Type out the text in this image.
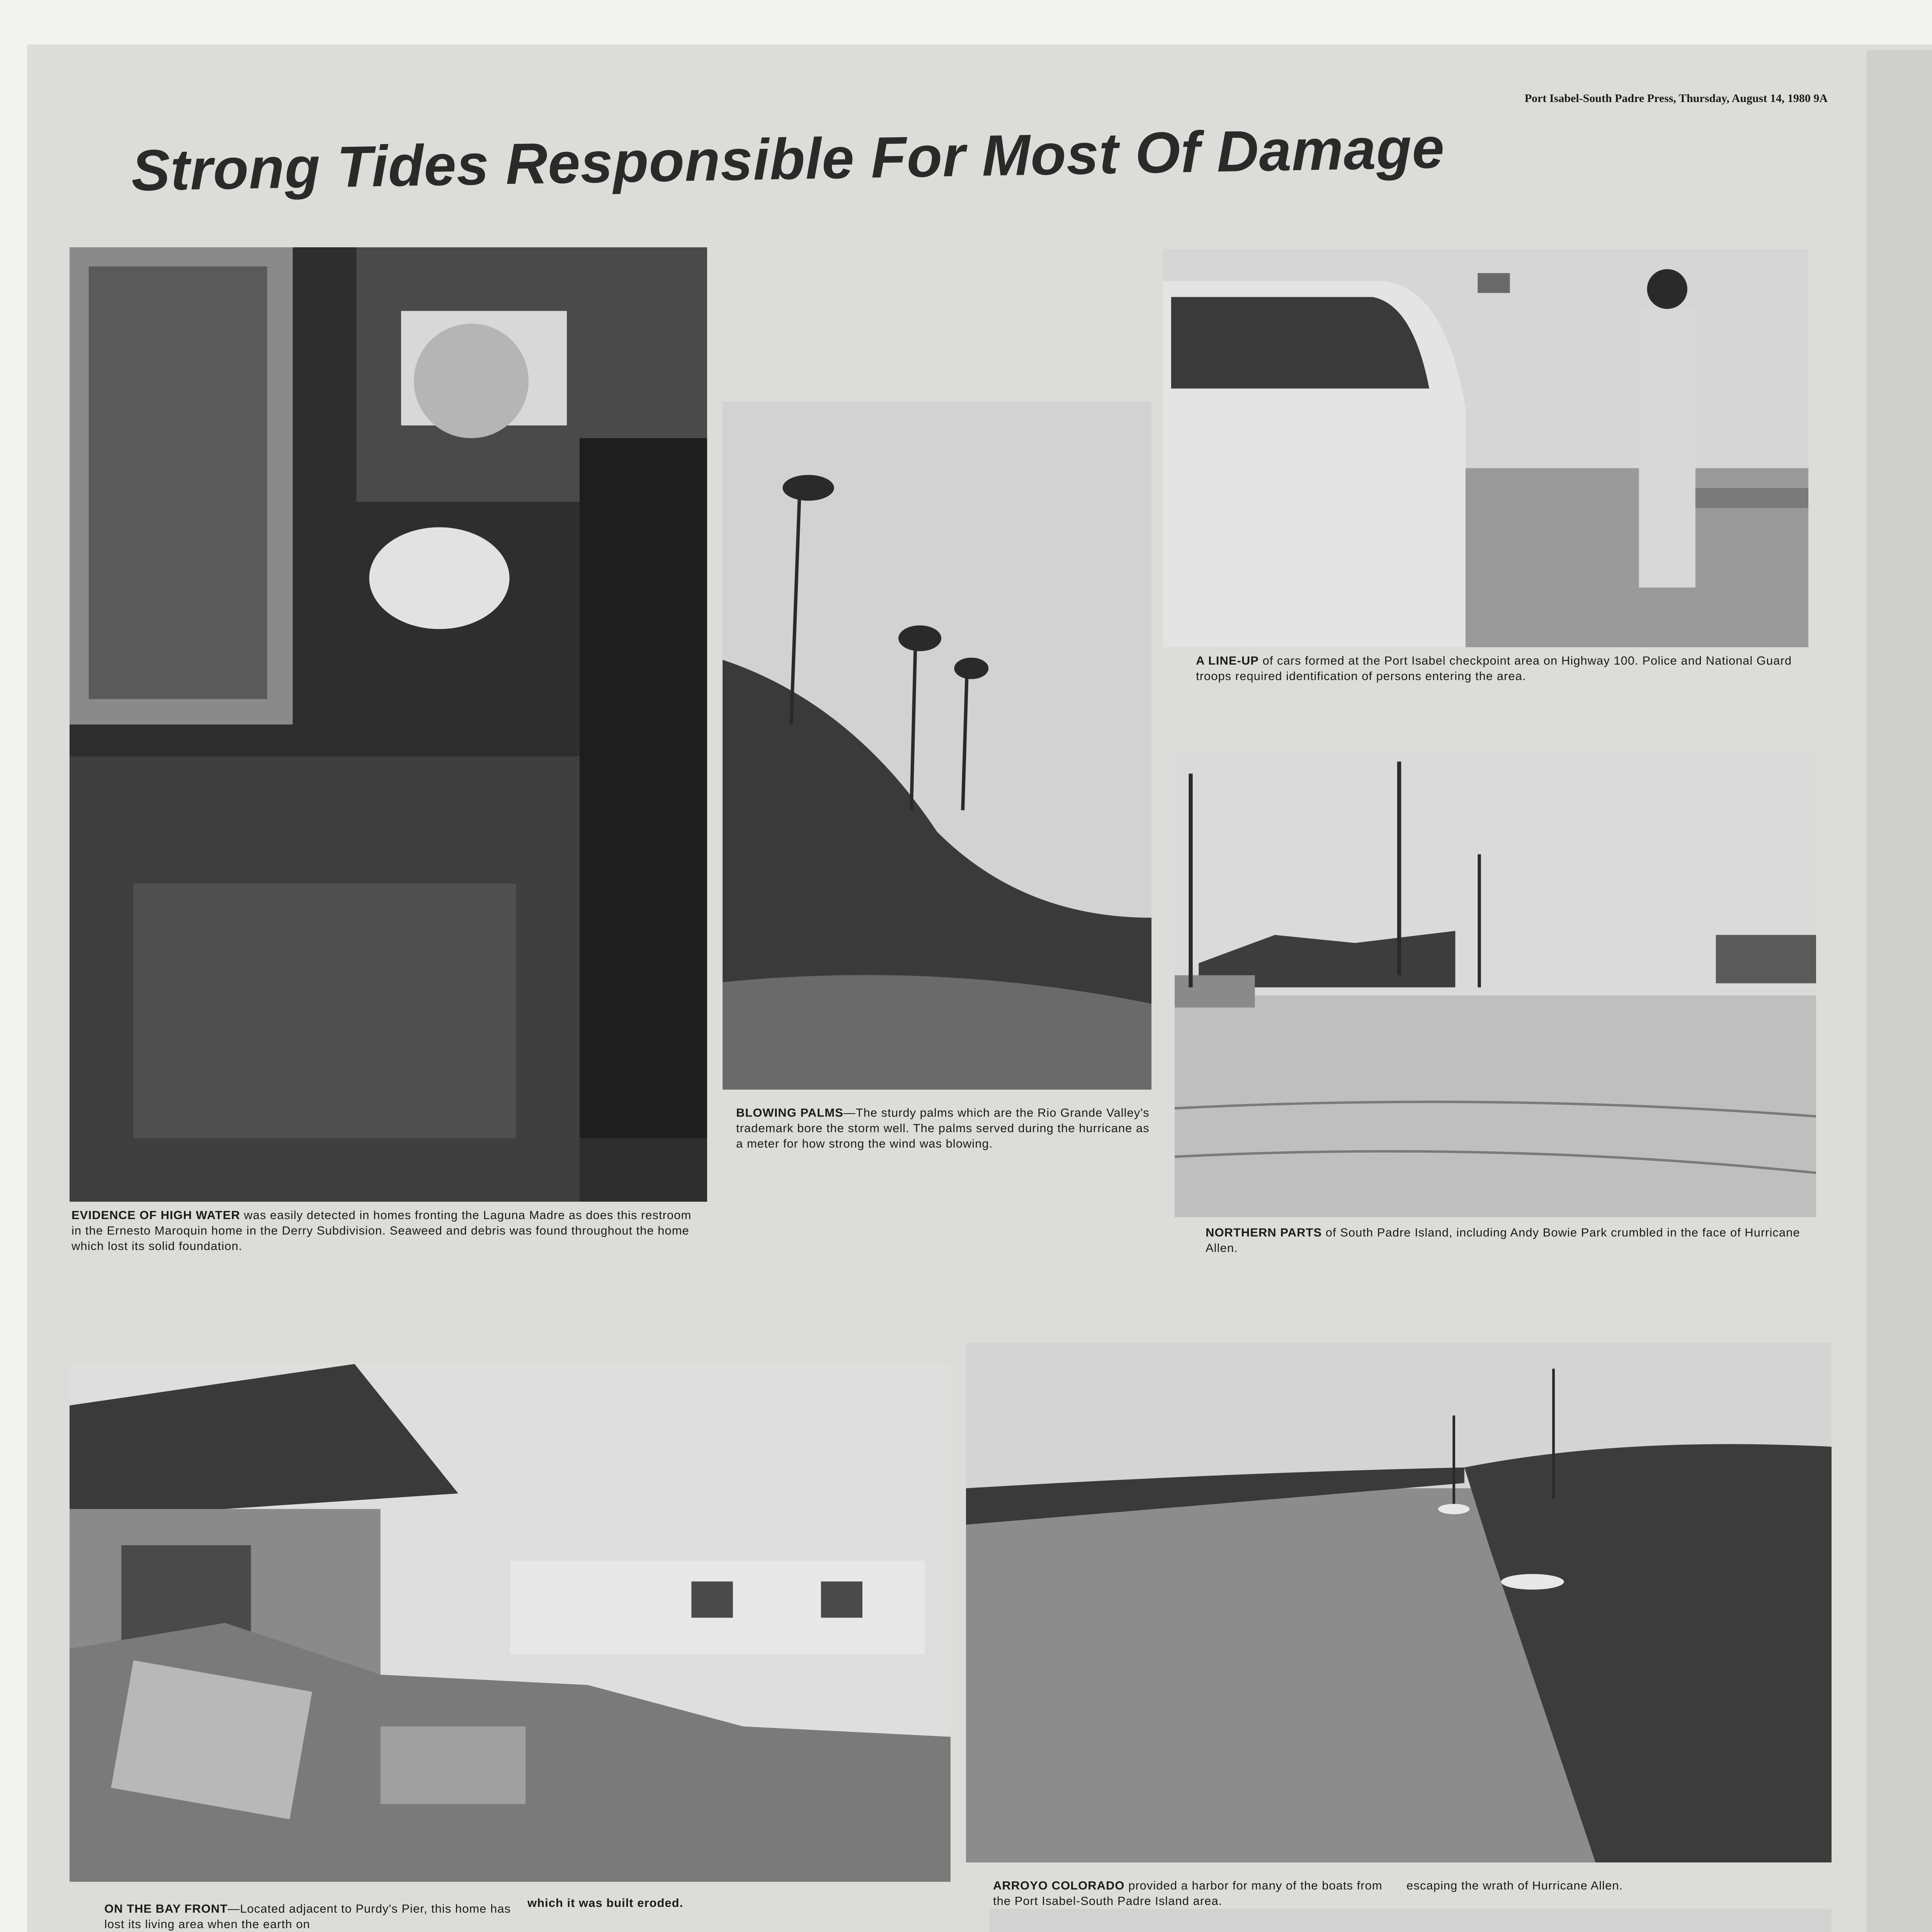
Port Isabel-South Padre Press, Thursday, August 14, 1980 9A
Strong Tides Responsible For Most Of Damage
EVIDENCE OF HIGH WATER was easily detected in homes fronting the Laguna Madre as does this restroom in the Ernesto Maroquin home in the Derry Subdivision. Seaweed and debris was found throughout the home which lost its solid foundation.
BLOWING PALMS—The sturdy palms which are the Rio Grande Valley's trademark bore the storm well. The palms served during the hurricane as a meter for how strong the wind was blowing.
A LINE-UP of cars formed at the Port Isabel checkpoint area on Highway 100. Police and National Guard troops required identification of persons entering the area.
NORTHERN PARTS of South Padre Island, including Andy Bowie Park crumbled in the face of Hurricane Allen.
ON THE BAY FRONT—Located adjacent to Purdy's Pier, this home has lost its living area when the earth on
which it was built eroded.
ARROYO COLORADO provided a harbor for many of the boats from the Port Isabel-South Padre Island area.
escaping the wrath of Hurricane Allen.
